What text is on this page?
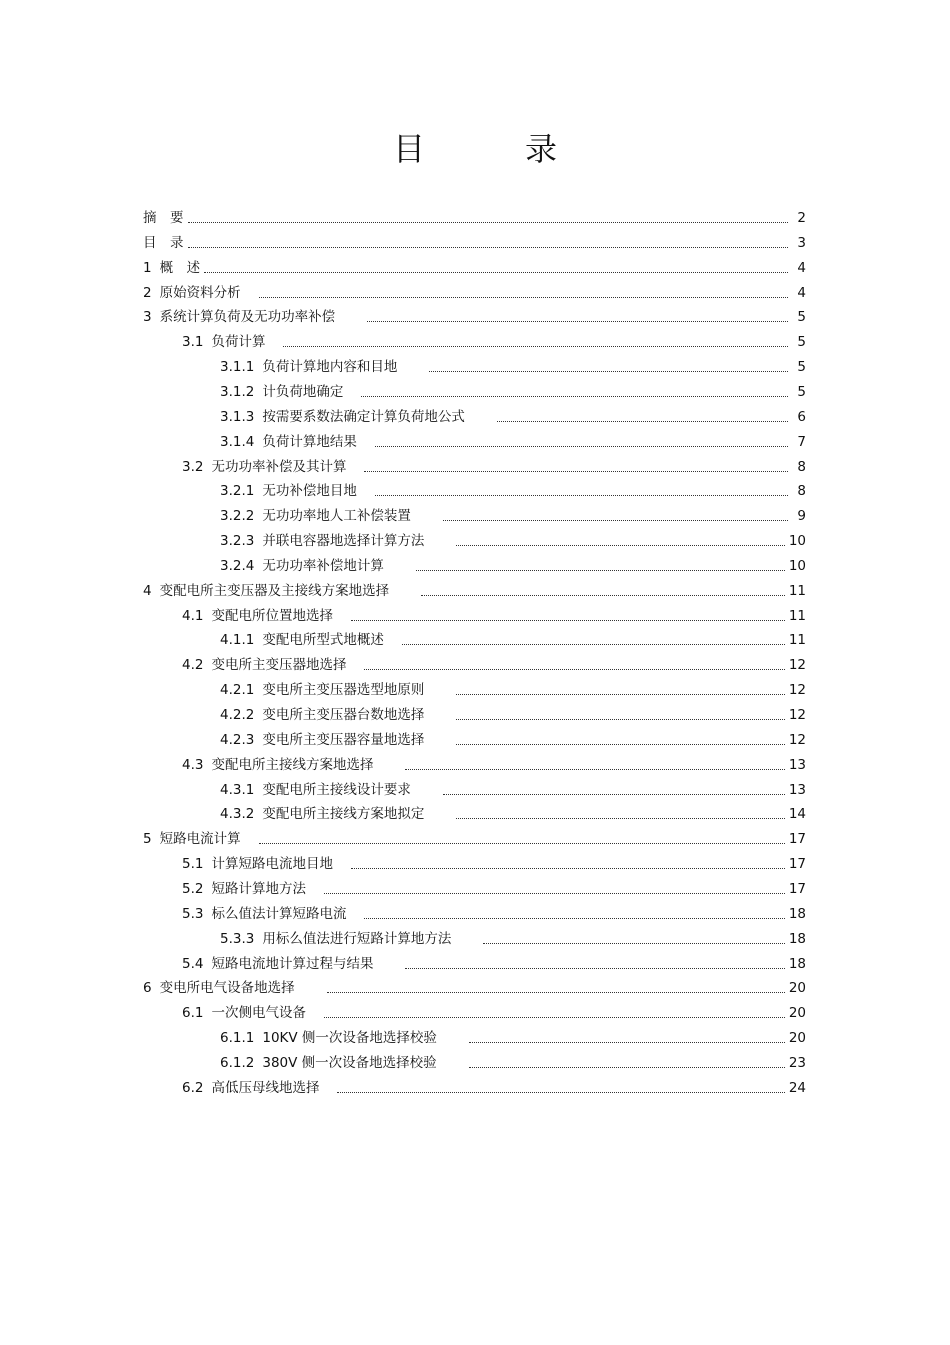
目　录
摘　要	2
目　录	3
1 概　述	4
2 原始资料分析	4
3 系统计算负荷及无功功率补偿	5
3.1 负荷计算	5
3.1.1 负荷计算地内容和目地	5
3.1.2 计负荷地确定	5
3.1.3 按需要系数法确定计算负荷地公式	6
3.1.4 负荷计算地结果	7
3.2 无功功率补偿及其计算	8
3.2.1 无功补偿地目地	8
3.2.2 无功功率地人工补偿装置	9
3.2.3 并联电容器地选择计算方法	10
3.2.4 无功功率补偿地计算	10
4 变配电所主变压器及主接线方案地选择	11
4.1 变配电所位置地选择	11
4.1.1 变配电所型式地概述	11
4.2 变电所主变压器地选择	12
4.2.1 变电所主变压器选型地原则	12
4.2.2 变电所主变压器台数地选择	12
4.2.3 变电所主变压器容量地选择	12
4.3 变配电所主接线方案地选择	13
4.3.1 变配电所主接线设计要求	13
4.3.2 变配电所主接线方案地拟定	14
5 短路电流计算	17
5.1 计算短路电流地目地	17
5.2 短路计算地方法	17
5.3 标么值法计算短路电流	18
5.3.3 用标么值法进行短路计算地方法	18
5.4 短路电流地计算过程与结果	18
6 变电所电气设备地选择	20
6.1 一次侧电气设备	20
6.1.1 10KV 侧一次设备地选择校验	20
6.1.2 380V 侧一次设备地选择校验	23
6.2 高低压母线地选择	24
